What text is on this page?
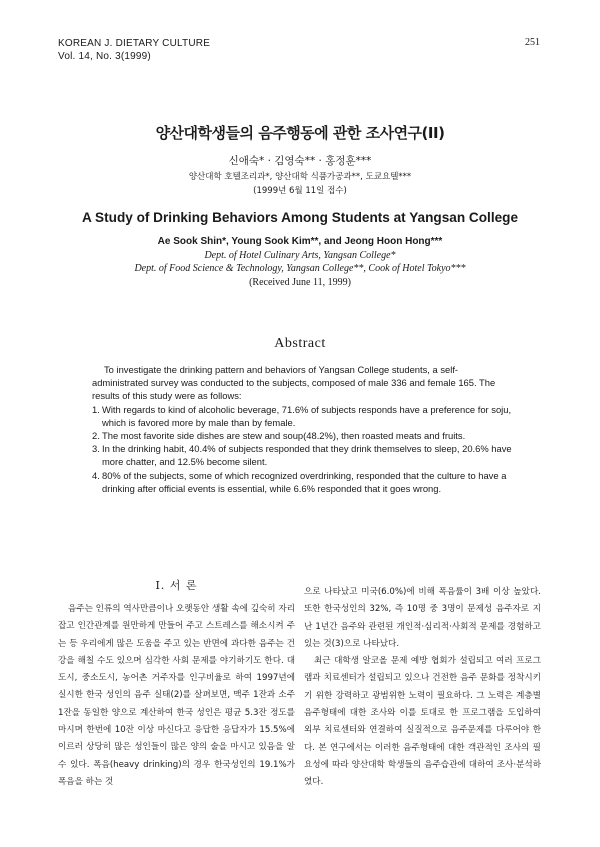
KOREAN J. DIETARY CULTURE
Vol. 14, No. 3(1999)
251
양산대학생들의 음주행동에 관한 조사연구(II)
신애숙* · 김영숙** · 홍정훈***
양산대학 호텔조리과*, 양산대학 식품가공과**, 도쿄요텔***
(1999년 6월 11일 접수)
A Study of Drinking Behaviors Among Students at Yangsan College
Ae Sook Shin*, Young Sook Kim**, and Jeong Hoon Hong***
Dept. of Hotel Culinary Arts, Yangsan College*
Dept. of Food Science & Technology, Yangsan College**, Cook of Hotel Tokyo***
(Received June 11, 1999)
Abstract

To investigate the drinking pattern and behaviors of Yangsan College students, a self-administrated survey was conducted to the subjects, composed of male 336 and female 165. The results of this study were as follows:

1. With regards to kind of alcoholic beverage, 71.6% of subjects responds have a preference for soju, which is favored more by male than by female.
2. The most favorite side dishes are stew and soup(48.2%), then roasted meats and fruits.
3. In the drinking habit, 40.4% of subjects responded that they drink themselves to sleep, 20.6% have more chatter, and 12.5% become silent.
4. 80% of the subjects, some of which recognized overdrinking, responded that the culture to have a drinking after official events is essential, while 6.6% responded that it goes wrong.
I. 서 론

음주는 인류의 역사만큼이나 오랫동안 생활 속에 깊숙히 자리잡고 인간관계를 원만하게 만들어 주고 스트레스를 해소시켜 주는 등 우리에게 많은 도움을 주고 있는 반면에 과다한 음주는 건강을 해칠 수도 있으며 심각한 사회 문제를 야기하기도 한다. 대도시, 중소도시, 농어촌 거주자를 인구비율로 하여 1997년에 실시한 한국 성인의 음주 실태(2)를 살펴보면, 맥주 1잔과 소주 1잔을 동일한 양으로 계산하여 한국 성인은 평균 5.3잔 정도를 마시며 한번에 10잔 이상 마신다고 응답한 응답자가 15.5%에 이르러 상당히 많은 성인들이 많은 양의 술을 마시고 있음을 알 수 있다. 폭음(heavy drinking)의 경우 한국성인의 19.1%가 폭음을 하는 것

으로 나타났고 미국(6.0%)에 비해 폭음률이 3배 이상 높았다. 또한 한국성인의 32%, 즉 10명 중 3명이 문제성 음주자로 지난 1년간 음주와 관련된 개인적·심리적·사회적 문제를 경험하고 있는 것(3)으로 나타났다.

최근 대학생 알코올 문제 예방 협회가 설립되고 여러 프로그램과 치료센터가 설립되고 있으나 건전한 음주 문화를 정착시키기 위한 강력하고 광범위한 노력이 필요하다. 그 노력은 계층별 음주형태에 대한 조사와 이를 토대로 한 프로그램을 도입하여 외부 치료센터와 연결하여 실질적으로 음주문제를 다루어야 한다. 본 연구에서는 이러한 음주형태에 대한 객관적인 조사의 필요성에 따라 양산대학 학생들의 음주습관에 대하여 조사·분석하였다.
